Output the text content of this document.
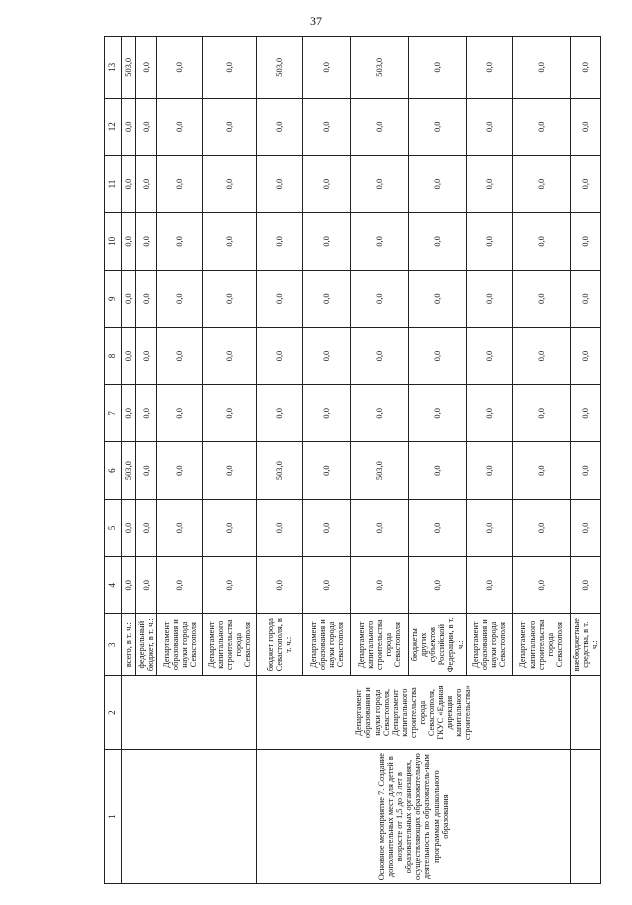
37
1	2	3	4	5	6	7	8	9	10	11	12	13
		всего, в т. ч.:	0,0	0,0	503,0	0,0	0,0	0,0	0,0	0,0	0,0	503,0
		федеральный бюджет, в т. ч.:	0,0	0,0	0,0	0,0	0,0	0,0	0,0	0,0	0,0	0,0
		Департамент образования и науки города Севастополя	0,0	0,0	0,0	0,0	0,0	0,0	0,0	0,0	0,0	0,0
		Департамент капитального строительства города Севастополя	0,0	0,0	0,0	0,0	0,0	0,0	0,0	0,0	0,0	0,0
Основное мероприятие 7. Создание дополнительных мест для детей в возрасте от 1,5 до 3 лет в образовательных организациях, осуществляющих образовательную деятельность по образователь-ным программам дошкольного образования	Департамент образования и науки города Севастополя, Департамент капитального строительства города Севастополя, ГКУС «Единая дирекция капитального строительства»	бюджет города Севастополя, в т. ч.:	0,0	0,0	503,0	0,0	0,0	0,0	0,0	0,0	0,0	503,0
		Департамент образования и науки города Севастополя	0,0	0,0	0,0	0,0	0,0	0,0	0,0	0,0	0,0	0,0
		Департамент капитального строительства города Севастополя	0,0	0,0	503,0	0,0	0,0	0,0	0,0	0,0	0,0	503,0
		бюджеты других субъектов Российской Федерации, в т. ч.:	0,0	0,0	0,0	0,0	0,0	0,0	0,0	0,0	0,0	0,0
		Департамент образования и науки города Севастополя	0,0	0,0	0,0	0,0	0,0	0,0	0,0	0,0	0,0	0,0
		Департамент капитального строительства города Севастополя	0,0	0,0	0,0	0,0	0,0	0,0	0,0	0,0	0,0	0,0
		внебюджетные средства, в т. ч.:	0,0	0,0	0,0	0,0	0,0	0,0	0,0	0,0	0,0	0,0
